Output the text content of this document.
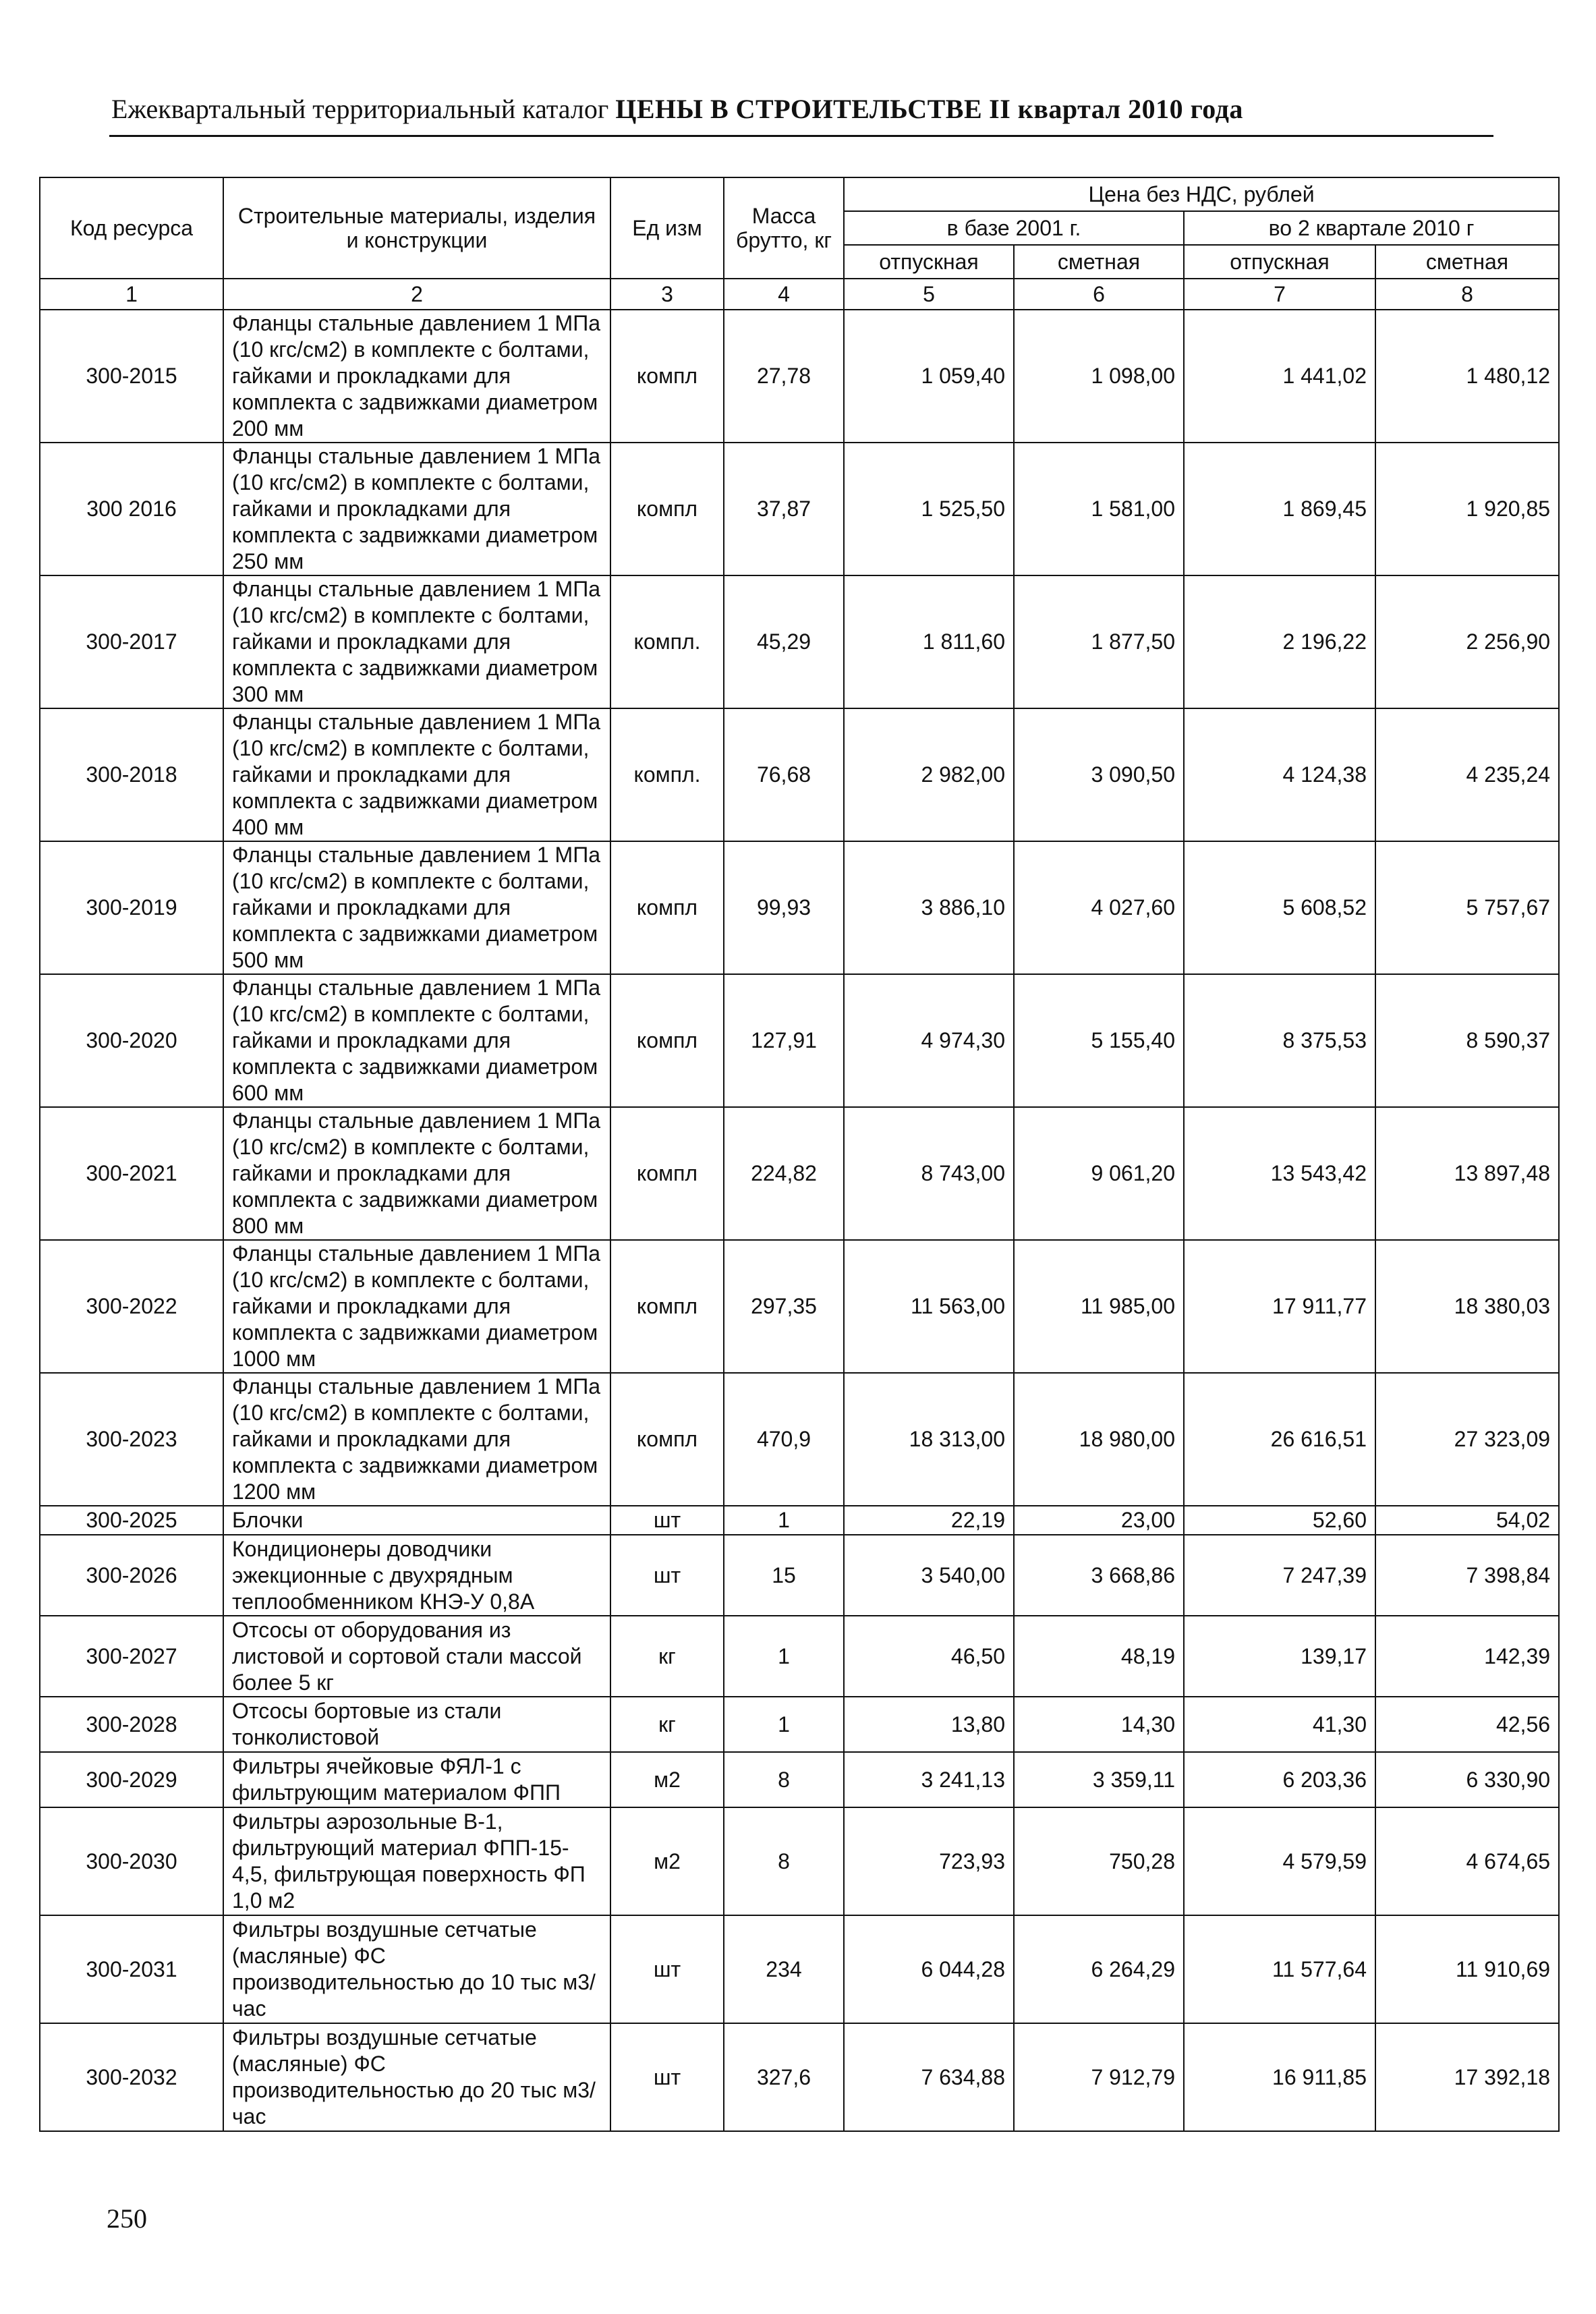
Ежеквартальный территориальный каталог ЦЕНЫ В СТРОИТЕЛЬСТВЕ II квартал 2010 года
Код ресурса	Строительные материалы, изделия и конструкции	Ед изм	Масса брутто, кг	Цена без НДС, рублей			
				в базе 2001 г.		во 2 квартале 2010 г	
				отпускная	сметная	отпускная	сметная
1	2	3	4	5	6	7	8
300-2015	Фланцы стальные давлением 1 МПа (10 кгс/см2) в комплекте с болтами, гайками и прокладками для комплекта с задвижками диаметром 200 мм	компл	27,78	1 059,40	1 098,00	1 441,02	1 480,12
300 2016	Фланцы стальные давлением 1 МПа (10 кгс/см2) в комплекте с болтами, гайками и прокладками для комплекта с задвижками диаметром 250 мм	компл	37,87	1 525,50	1 581,00	1 869,45	1 920,85
300-2017	Фланцы стальные давлением 1 МПа (10 кгс/см2) в комплекте с болтами, гайками и прокладками для комплекта с задвижками диаметром 300 мм	компл.	45,29	1 811,60	1 877,50	2 196,22	2 256,90
300-2018	Фланцы стальные давлением 1 МПа (10 кгс/см2) в комплекте с болтами, гайками и прокладками для комплекта с задвижками диаметром 400 мм	компл.	76,68	2 982,00	3 090,50	4 124,38	4 235,24
300-2019	Фланцы стальные давлением 1 МПа (10 кгс/см2) в комплекте с болтами, гайками и прокладками для комплекта с задвижками диаметром 500 мм	компл	99,93	3 886,10	4 027,60	5 608,52	5 757,67
300-2020	Фланцы стальные давлением 1 МПа (10 кгс/см2) в комплекте с болтами, гайками и прокладками для комплекта с задвижками диаметром 600 мм	компл	127,91	4 974,30	5 155,40	8 375,53	8 590,37
300-2021	Фланцы стальные давлением 1 МПа (10 кгс/см2) в комплекте с болтами, гайками и прокладками для комплекта с задвижками диаметром 800 мм	компл	224,82	8 743,00	9 061,20	13 543,42	13 897,48
300-2022	Фланцы стальные давлением 1 МПа (10 кгс/см2) в комплекте с болтами, гайками и прокладками для комплекта с задвижками диаметром 1000 мм	компл	297,35	11 563,00	11 985,00	17 911,77	18 380,03
300-2023	Фланцы стальные давлением 1 МПа (10 кгс/см2) в комплекте с болтами, гайками и прокладками для комплекта с задвижками диаметром 1200 мм	компл	470,9	18 313,00	18 980,00	26 616,51	27 323,09
300-2025	Блочки	шт	1	22,19	23,00	52,60	54,02
300-2026	Кондиционеры доводчики эжекционные с двухрядным теплообменником КНЭ-У 0,8А	шт	15	3 540,00	3 668,86	7 247,39	7 398,84
300-2027	Отсосы от оборудования из листовой и сортовой стали массой более 5 кг	кг	1	46,50	48,19	139,17	142,39
300-2028	Отсосы бортовые из стали тонколистовой	кг	1	13,80	14,30	41,30	42,56
300-2029	Фильтры ячейковые ФЯЛ-1 с фильтрующим материалом ФПП	м2	8	3 241,13	3 359,11	6 203,36	6 330,90
300-2030	Фильтры аэрозольные В-1, фильтрующий материал ФПП-15-4,5, фильтрующая поверхность ФП 1,0 м2	м2	8	723,93	750,28	4 579,59	4 674,65
300-2031	Фильтры воздушные сетчатые (масляные) ФС производительностью до 10 тыс м3/час	шт	234	6 044,28	6 264,29	11 577,64	11 910,69
300-2032	Фильтры воздушные сетчатые (масляные) ФС производительностью до 20 тыс м3/час	шт	327,6	7 634,88	7 912,79	16 911,85	17 392,18
250
